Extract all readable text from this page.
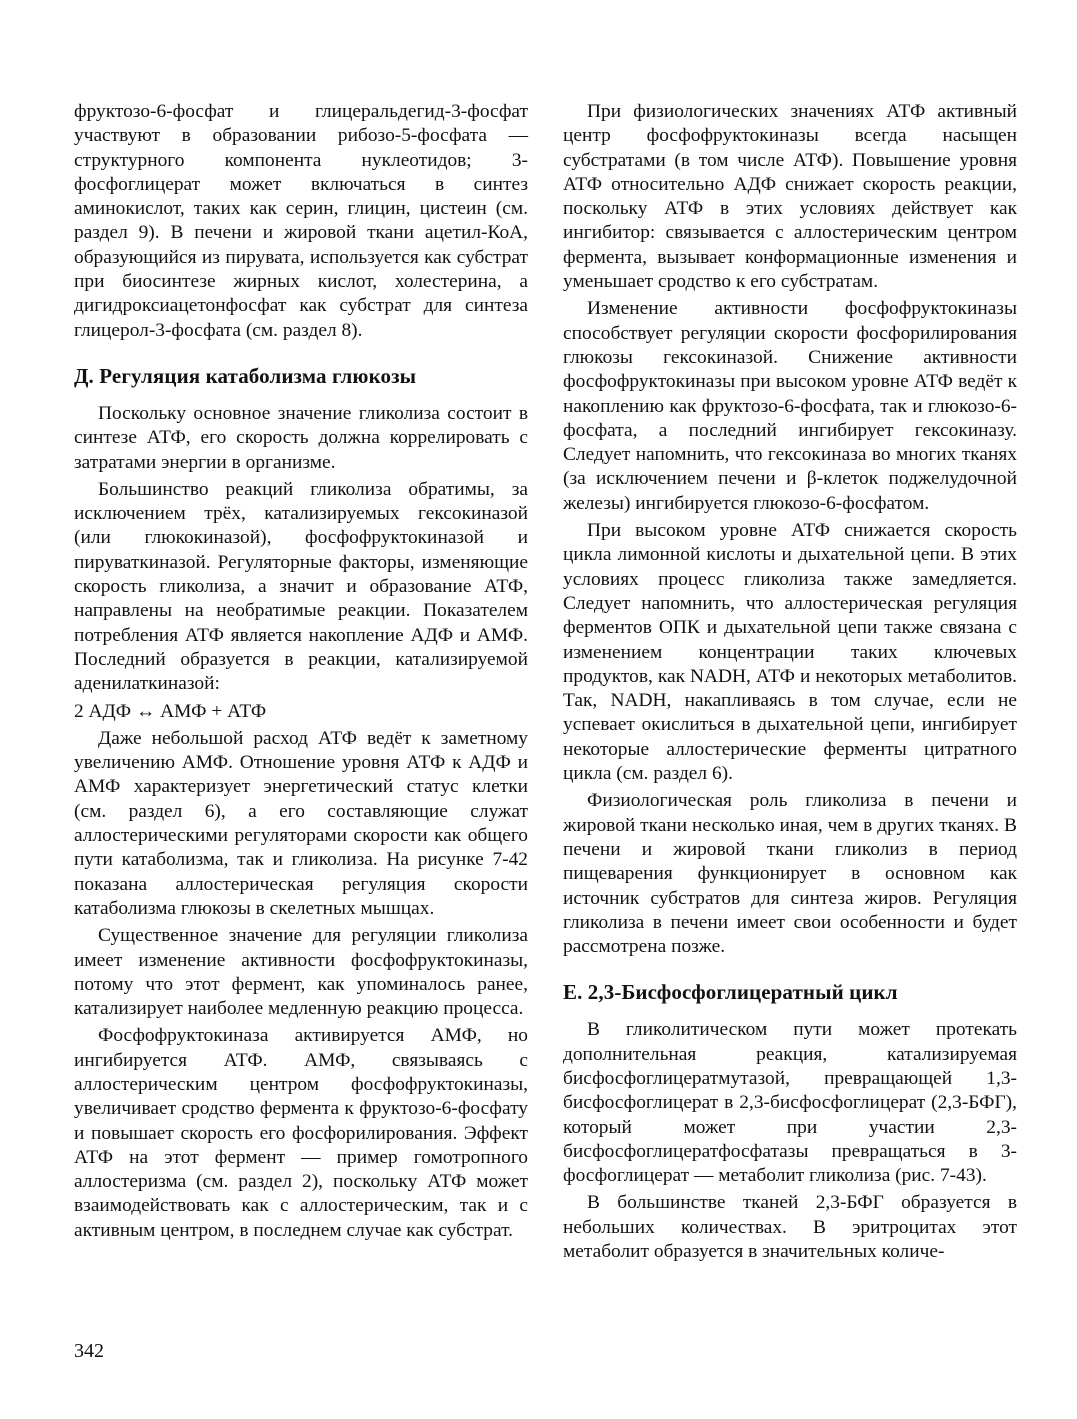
фруктозо-6-фосфат и глицеральдегид-3-фосфат участвуют в образовании рибозо-5-фосфата — структурного компонента нуклеотидов; 3-фосфоглицерат может включаться в синтез аминокислот, таких как серин, глицин, цистеин (см. раздел 9). В печени и жировой ткани ацетил-КоА, образующийся из пирувата, используется как субстрат при биосинтезе жирных кислот, холестерина, а дигидроксиацетонфосфат как субстрат для синтеза глицерол-3-фосфата (см. раздел 8).

Д. Регуляция катаболизма глюкозы

Поскольку основное значение гликолиза состоит в синтезе АТФ, его скорость должна коррелировать с затратами энергии в организме.

Большинство реакций гликолиза обратимы, за исключением трёх, катализируемых гексокиназой (или глюкокиназой), фосфофруктокиназой и пируваткиназой. Регуляторные факторы, изменяющие скорость гликолиза, а значит и образование АТФ, направлены на необратимые реакции. Показателем потребления АТФ является накопление АДФ и АМФ. Последний образуется в реакции, катализируемой аденилаткиназой:

2 АДФ ↔ АМФ + АТФ

Даже небольшой расход АТФ ведёт к заметному увеличению АМФ. Отношение уровня АТФ к АДФ и АМФ характеризует энергетический статус клетки (см. раздел 6), а его составляющие служат аллостерическими регуляторами скорости как общего пути катаболизма, так и гликолиза. На рисунке 7-42 показана аллостерическая регуляция скорости катаболизма глюкозы в скелетных мышцах.

Существенное значение для регуляции гликолиза имеет изменение активности фосфофруктокиназы, потому что этот фермент, как упоминалось ранее, катализирует наиболее медленную реакцию процесса.

Фосфофруктокиназа активируется АМФ, но ингибируется АТФ. АМФ, связываясь с аллостерическим центром фосфофруктокиназы, увеличивает сродство фермента к фруктозо-6-фосфату и повышает скорость его фосфорилирования. Эффект АТФ на этот фермент — пример гомотропного аллостеризма (см. раздел 2), поскольку АТФ может взаимодействовать как с аллостерическим, так и с активным центром, в последнем случае как субстрат.

При физиологических значениях АТФ активный центр фосфофруктокиназы всегда насыщен субстратами (в том числе АТФ). Повышение уровня АТФ относительно АДФ снижает скорость реакции, поскольку АТФ в этих условиях действует как ингибитор: связывается с аллостерическим центром фермента, вызывает конформационные изменения и уменьшает сродство к его субстратам.

Изменение активности фосфофруктокиназы способствует регуляции скорости фосфорилирования глюкозы гексокиназой. Снижение активности фосфофруктокиназы при высоком уровне АТФ ведёт к накоплению как фруктозо-6-фосфата, так и глюкозо-6-фосфата, а последний ингибирует гексокиназу. Следует напомнить, что гексокиназа во многих тканях (за исключением печени и β-клеток поджелудочной железы) ингибируется глюкозо-6-фосфатом.

При высоком уровне АТФ снижается скорость цикла лимонной кислоты и дыхательной цепи. В этих условиях процесс гликолиза также замедляется. Следует напомнить, что аллостерическая регуляция ферментов ОПК и дыхательной цепи также связана с изменением концентрации таких ключевых продуктов, как NADH, АТФ и некоторых метаболитов. Так, NADH, накапливаясь в том случае, если не успевает окислиться в дыхательной цепи, ингибирует некоторые аллостерические ферменты цитратного цикла (см. раздел 6).

Физиологическая роль гликолиза в печени и жировой ткани несколько иная, чем в других тканях. В печени и жировой ткани гликолиз в период пищеварения функционирует в основном как источник субстратов для синтеза жиров. Регуляция гликолиза в печени имеет свои особенности и будет рассмотрена позже.

Е. 2,3-Бисфосфоглицератный цикл

В гликолитическом пути может протекать дополнительная реакция, катализируемая бисфосфоглицератмутазой, превращающей 1,3-бисфосфоглицерат в 2,3-бисфосфоглицерат (2,3-БФГ), который может при участии 2,3-бисфосфоглицератфосфатазы превращаться в 3-фосфоглицерат — метаболит гликолиза (рис. 7-43).

В большинстве тканей 2,3-БФГ образуется в небольших количествах. В эритроцитах этот метаболит образуется в значительных количе-

342
